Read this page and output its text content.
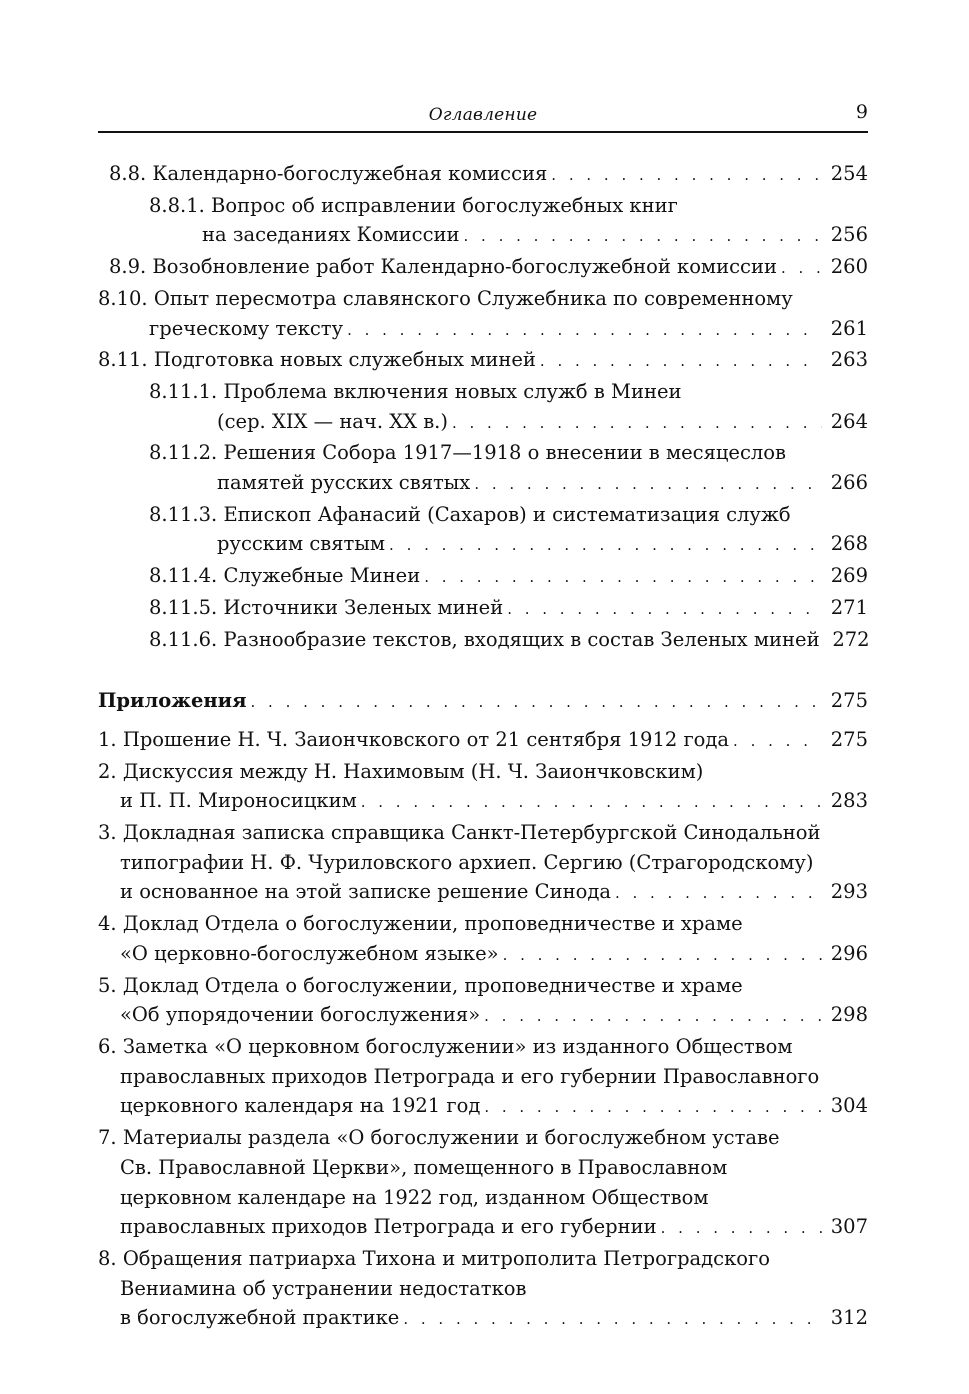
Оглавление	9
8.8. Календарно-богослужебная комиссия . . .	254
8.8.1. Вопрос об исправлении богослужебных книг
на заседаниях Комиссии . . .	256
8.9. Возобновление работ Календарно-богослужебной комиссии . . .	260
8.10. Опыт пересмотра славянского Служебника по современному
греческому тексту . . .	261
8.11. Подготовка новых служебных миней . . .	263
8.11.1. Проблема включения новых служб в Минеи
(сер. XIX — нач. XX в.) . . .	264
8.11.2. Решения Собора 1917—1918 о внесении в месяцеслов
памятей русских святых . . .	266
8.11.3. Епископ Афанасий (Сахаров) и систематизация служб
русским святым . . .	268
8.11.4. Служебные Минеи . . .	269
8.11.5. Источники Зеленых миней . . .	271
8.11.6. Разнообразие текстов, входящих в состав Зеленых миней 272
Приложения . . .	275
1. Прошение Н. Ч. Заиончковского от 21 сентября 1912 года . . .	275
2. Дискуссия между Н. Нахимовым (Н. Ч. Заиончковским)
и П. П. Мироносицким . . .	283
3. Докладная записка справщика Санкт-Петербургской Синодальной
типографии Н. Ф. Чуриловского архиеп. Сергию (Страгородскому)
и основанное на этой записке решение Синода . . .	293
4. Доклад Отдела о богослужении, проповедничестве и храме
«О церковно-богослужебном языке» . . .	296
5. Доклад Отдела о богослужении, проповедничестве и храме
«Об упорядочении богослужения» . . .	298
6. Заметка «О церковном богослужении» из изданного Обществом
православных приходов Петрограда и его губернии Православного
церковного календаря на 1921 год . . .	304
7. Материалы раздела «О богослужении и богослужебном уставе
Св. Православной Церкви», помещенного в Православном
церковном календаре на 1922 год, изданном Обществом
православных приходов Петрограда и его губернии . . .	307
8. Обращения патриарха Тихона и митрополита Петроградского
Вениамина об устранении недостатков
в богослужебной практике . . .	312
